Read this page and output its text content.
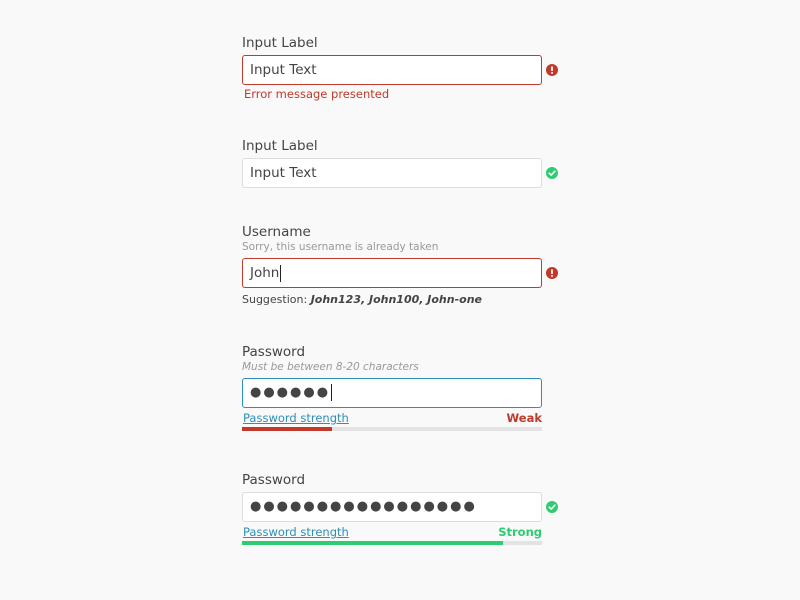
Input Label
Input Text
Error message presented
Input Label
Input Text
Username
Sorry, this username is already taken
John
Suggestion: John123, John100, John-one
Password
Must be between 8-20 characters
●●●●●●
Password strength	Weak
Password
●●●●●●●●●●●●●●●●●
Password strength	Strong
